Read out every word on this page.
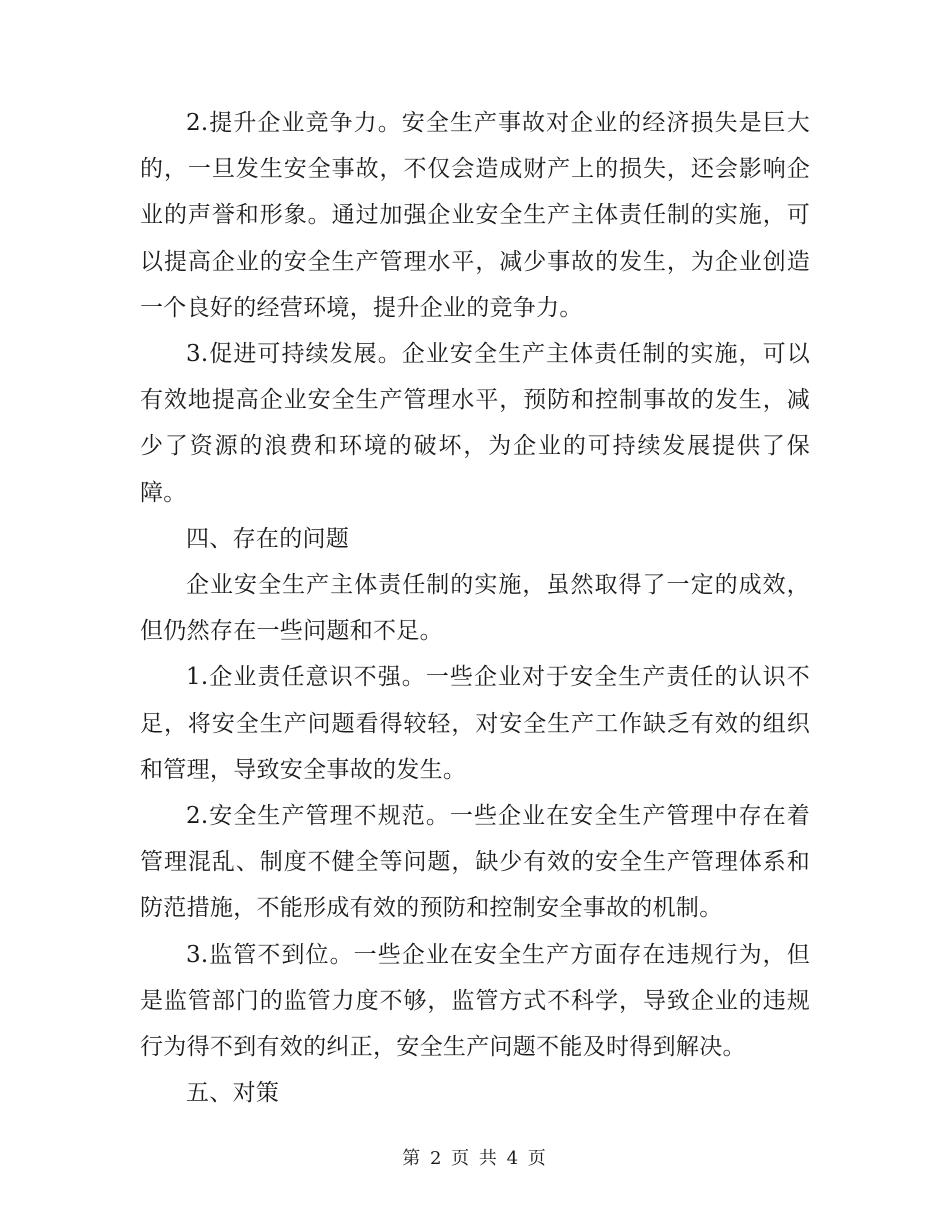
2.提升企业竞争力。安全生产事故对企业的经济损失是巨大的，一旦发生安全事故，不仅会造成财产上的损失，还会影响企业的声誉和形象。通过加强企业安全生产主体责任制的实施，可以提高企业的安全生产管理水平，减少事故的发生，为企业创造一个良好的经营环境，提升企业的竞争力。

3.促进可持续发展。企业安全生产主体责任制的实施，可以有效地提高企业安全生产管理水平，预防和控制事故的发生，减少了资源的浪费和环境的破坏，为企业的可持续发展提供了保障。

四、存在的问题

企业安全生产主体责任制的实施，虽然取得了一定的成效，但仍然存在一些问题和不足。

1.企业责任意识不强。一些企业对于安全生产责任的认识不足，将安全生产问题看得较轻，对安全生产工作缺乏有效的组织和管理，导致安全事故的发生。

2.安全生产管理不规范。一些企业在安全生产管理中存在着管理混乱、制度不健全等问题，缺少有效的安全生产管理体系和防范措施，不能形成有效的预防和控制安全事故的机制。

3.监管不到位。一些企业在安全生产方面存在违规行为，但是监管部门的监管力度不够，监管方式不科学，导致企业的违规行为得不到有效的纠正，安全生产问题不能及时得到解决。

五、对策

第 2 页 共 4 页
